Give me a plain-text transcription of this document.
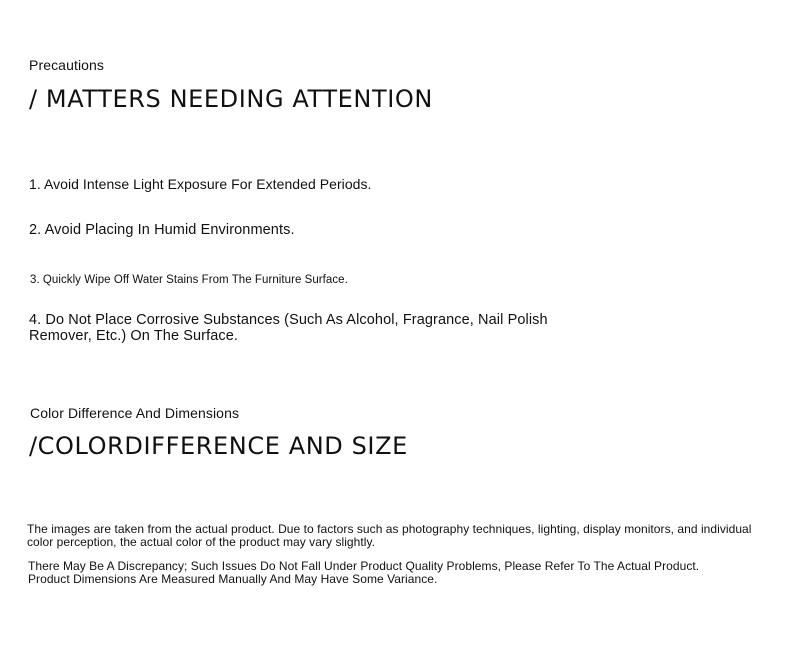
Precautions
/ MATTERS NEEDING ATTENTION
1. Avoid Intense Light Exposure For Extended Periods.
2. Avoid Placing In Humid Environments.
3. Quickly Wipe Off Water Stains From The Furniture Surface.
4. Do Not Place Corrosive Substances (Such As Alcohol, Fragrance, Nail Polish Remover, Etc.) On The Surface.
Color Difference And Dimensions
/COLORDIFFERENCE AND SIZE
The images are taken from the actual product. Due to factors such as photography techniques, lighting, display monitors, and individual color perception, the actual color of the product may vary slightly.
There May Be A Discrepancy; Such Issues Do Not Fall Under Product Quality Problems, Please Refer To The Actual Product. Product Dimensions Are Measured Manually And May Have Some Variance.
